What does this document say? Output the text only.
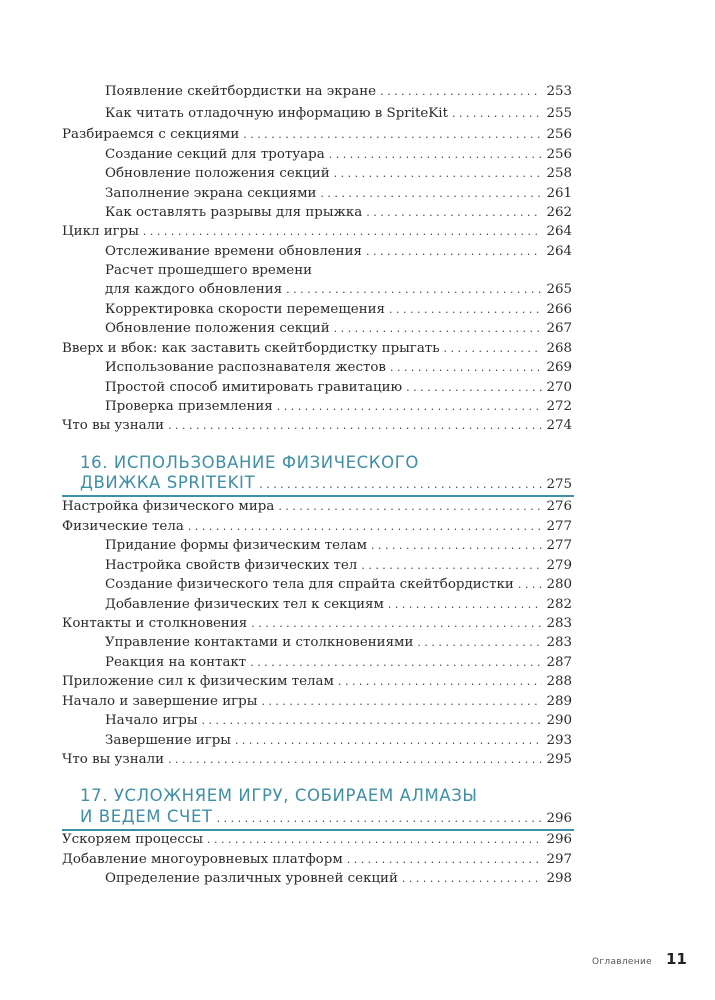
Появление скейтбордистки на экране . . .	253
Как читать отладочную информацию в SpriteKit . . .	255
Разбираемся с секциями . . .	256
Создание секций для тротуара . . .	256
Обновление положения секций . . .	258
Заполнение экрана секциями . . .	261
Как оставлять разрывы для прыжка . . .	262
Цикл игры . . .	264
Отслеживание времени обновления . . .	264
Расчет прошедшего времени
для каждого обновления . . .	265
Корректировка скорости перемещения . . .	266
Обновление положения секций . . .	267
Вверх и вбок: как заставить скейтбордистку прыгать . . .	268
Использование распознавателя жестов . . .	269
Простой способ имитировать гравитацию . . .	270
Проверка приземления . . .	272
Что вы узнали . . .	274
16. ИСПОЛЬЗОВАНИЕ ФИЗИЧЕСКОГО
ДВИЖКА SPRITEKIT . . .	275
Настройка физического мира . . .	276
Физические тела . . .	277
Придание формы физическим телам . . .	277
Настройка свойств физических тел . . .	279
Создание физического тела для спрайта скейтбордистки . . . 280
Добавление физических тел к секциям . . .	282
Контакты и столкновения . . .	283
Управление контактами и столкновениями . . .	283
Реакция на контакт . . .	287
Приложение сил к физическим телам . . .	288
Начало и завершение игры . . .	289
Начало игры . . .	290
Завершение игры . . .	293
Что вы узнали . . .	295
17. УСЛОЖНЯЕМ ИГРУ, СОБИРАЕМ АЛМАЗЫ
И ВЕДЕМ СЧЕТ . . .	296
Ускоряем процессы . . .	296
Добавление многоуровневых платформ . . .	297
Определение различных уровней секций . . .	298
Оглавление 11
